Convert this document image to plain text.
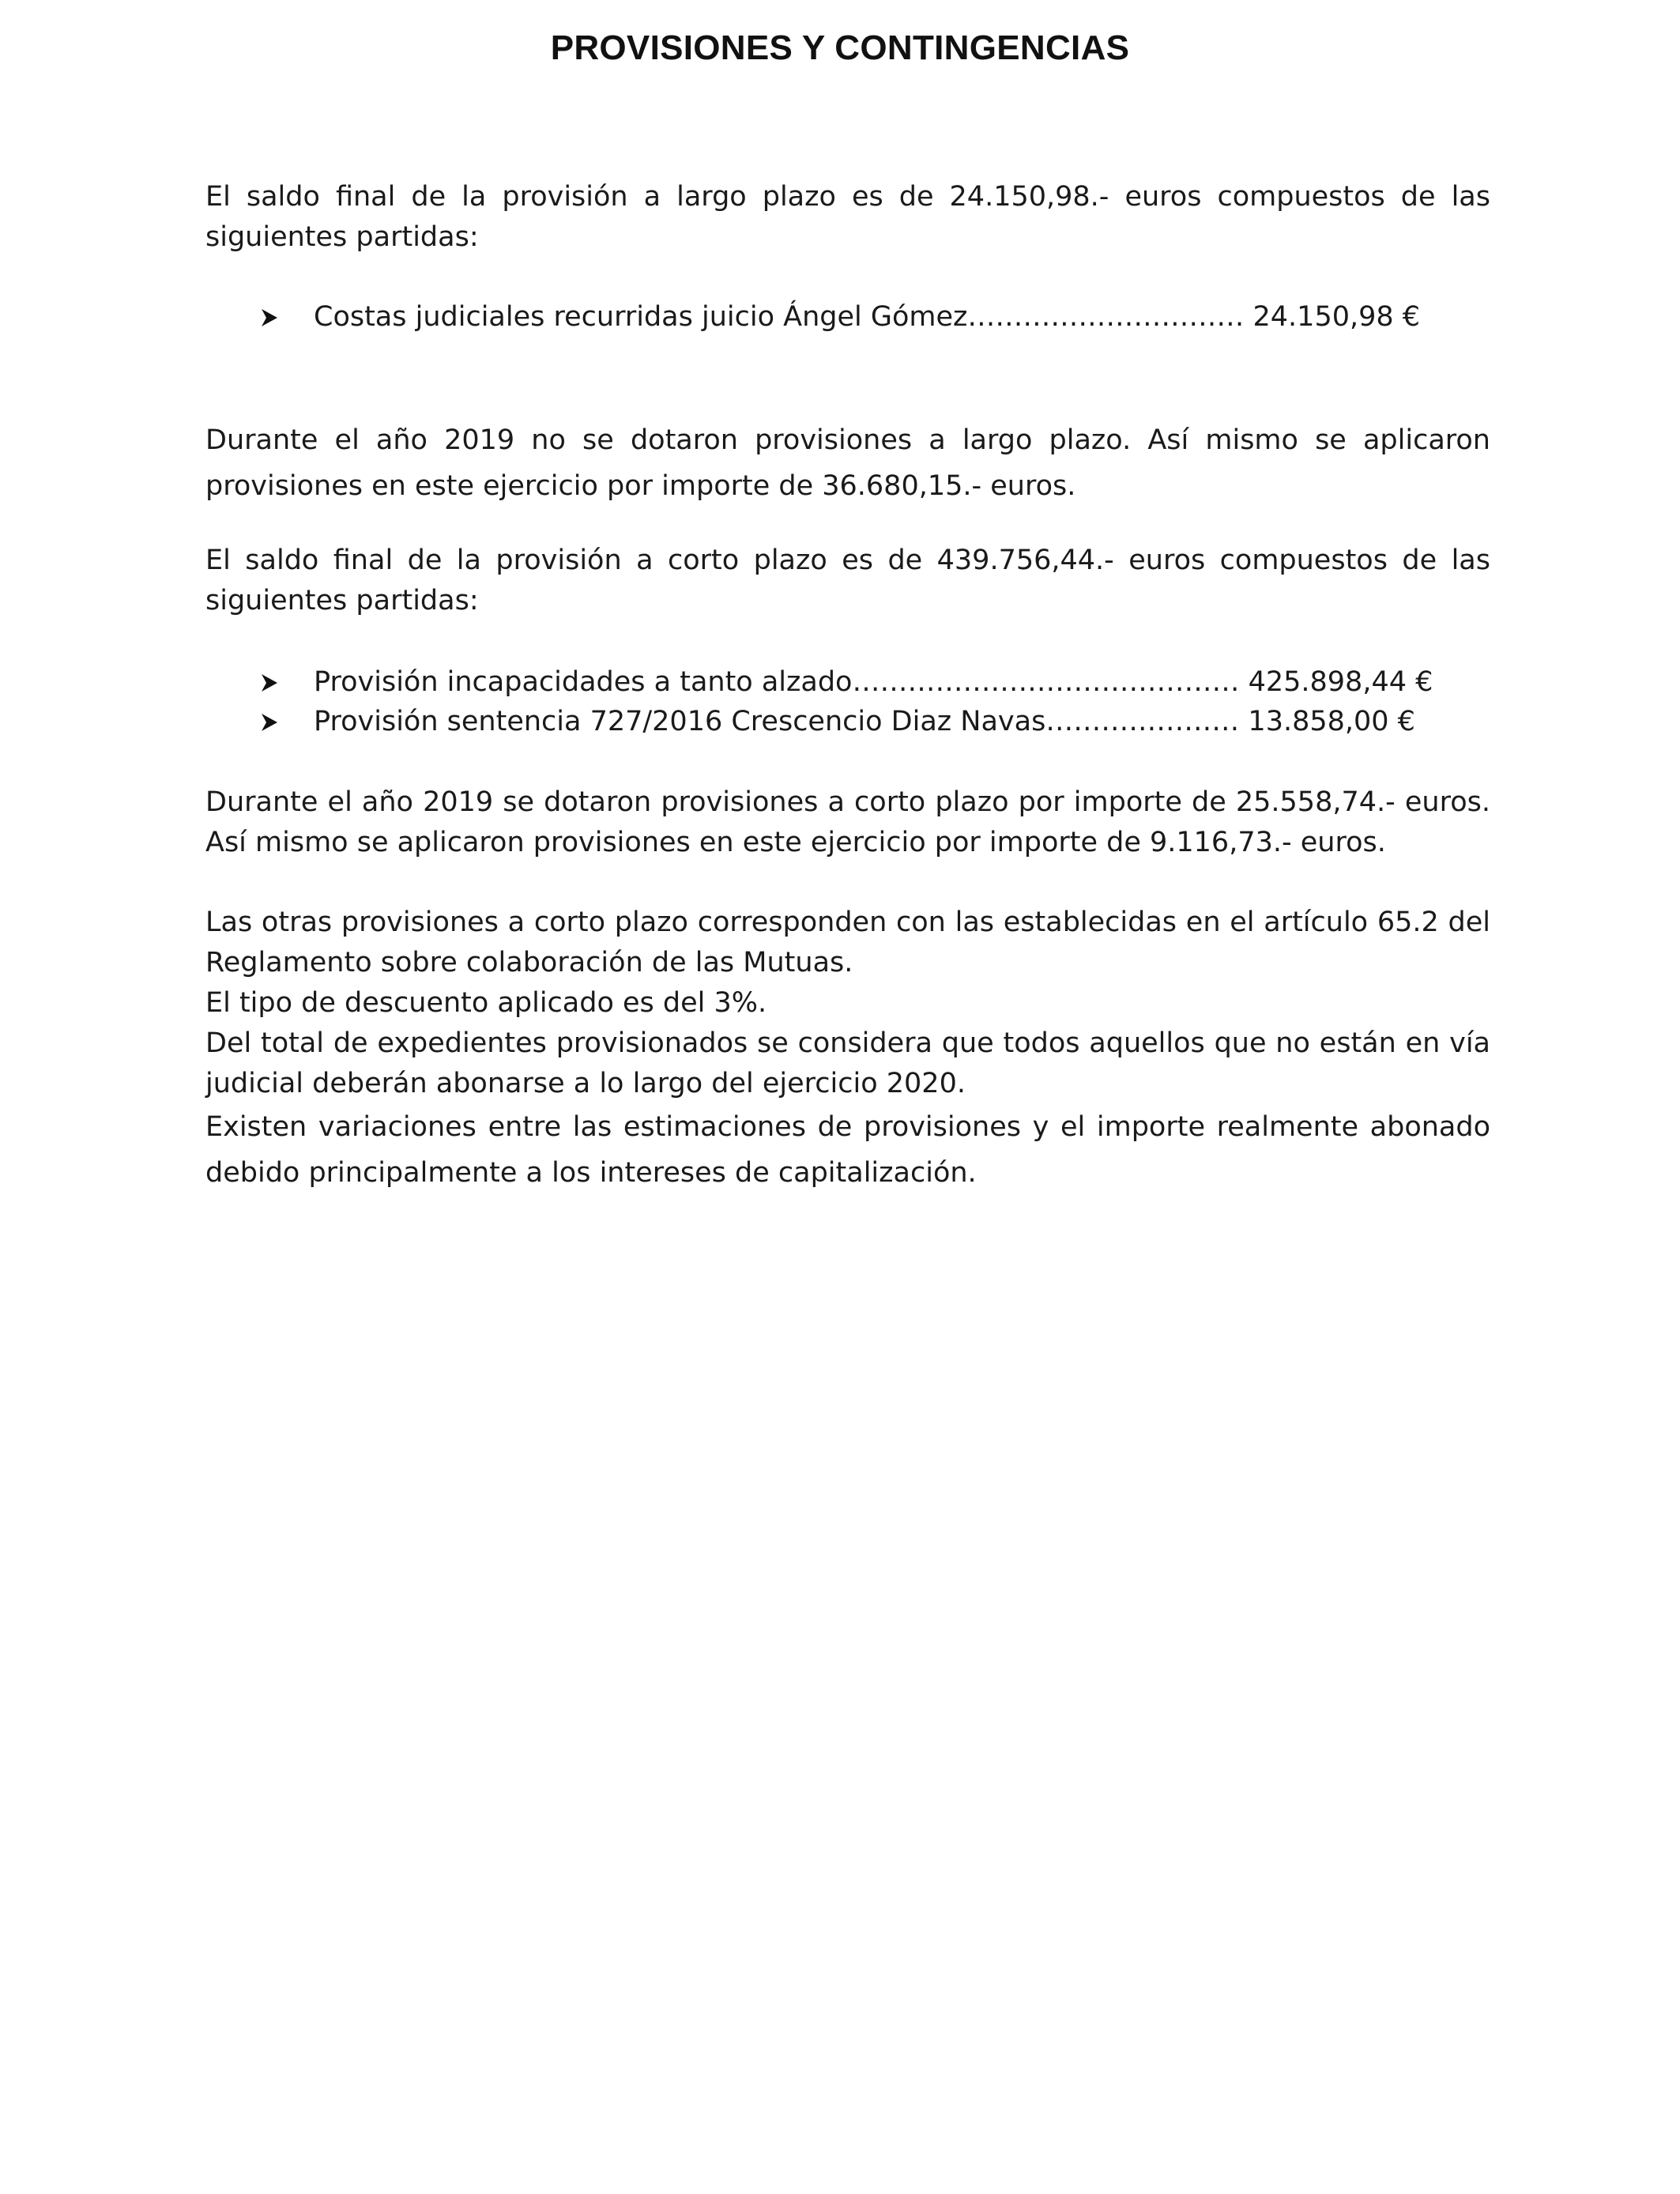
PROVISIONES Y CONTINGENCIAS

El saldo final de la provisión a largo plazo es de 24.150,98.- euros compuestos de las siguientes partidas:

Costas judiciales recurridas juicio Ángel Gómez………………………… 24.150,98 €

Durante el año 2019 no se dotaron provisiones a largo plazo. Así mismo se aplicaron provisiones en este ejercicio por importe de 36.680,15.- euros.

El saldo final de la provisión a corto plazo es de 439.756,44.- euros compuestos de las siguientes partidas:

Provisión incapacidades a tanto alzado…………………………………… 425.898,44 €
Provisión sentencia 727/2016 Crescencio Diaz Navas………………… 13.858,00 €

Durante el año 2019 se dotaron provisiones a corto plazo por importe de 25.558,74.- euros. Así mismo se aplicaron provisiones en este ejercicio por importe de 9.116,73.- euros.

Las otras provisiones a corto plazo corresponden con las establecidas en el artículo 65.2 del Reglamento sobre colaboración de las Mutuas.

El tipo de descuento aplicado es del 3%.

Del total de expedientes provisionados se considera que todos aquellos que no están en vía judicial deberán abonarse a lo largo del ejercicio 2020.

Existen variaciones entre las estimaciones de provisiones y el importe realmente abonado debido principalmente a los intereses de capitalización.
